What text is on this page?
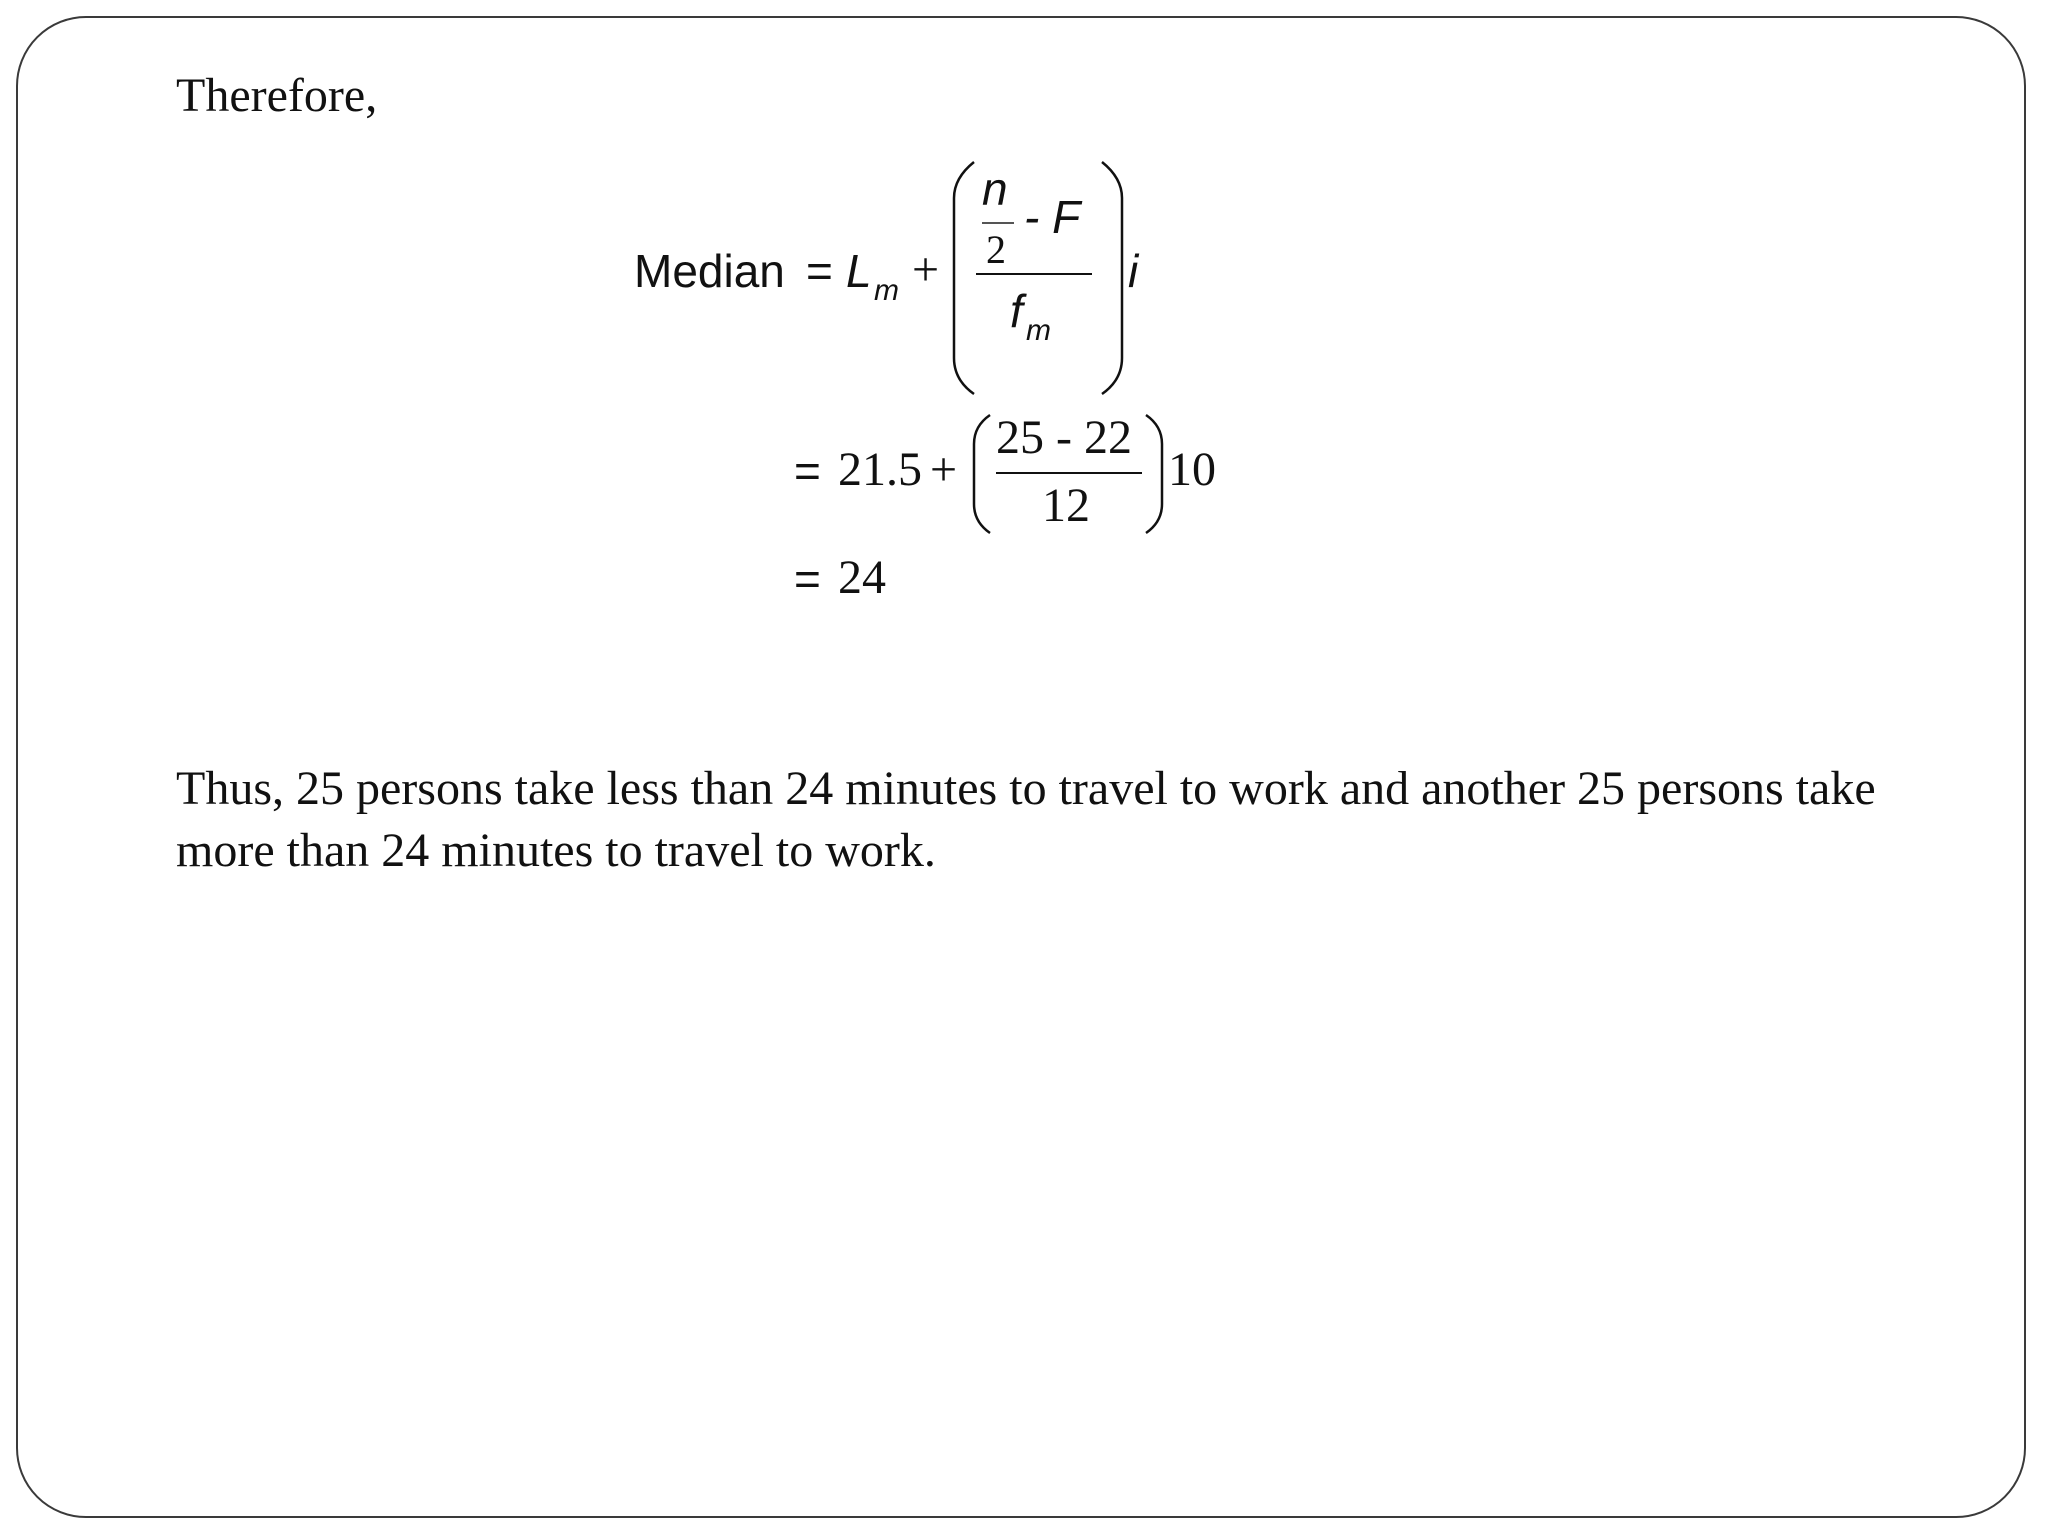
Therefore,
Median = L m +
n
2
- F
f m
i
= 21.5 +
25 - 22
12
10
= 24
Thus, 25 persons take less than 24 minutes to travel to work and another 25 persons take more than 24 minutes to travel to work.
